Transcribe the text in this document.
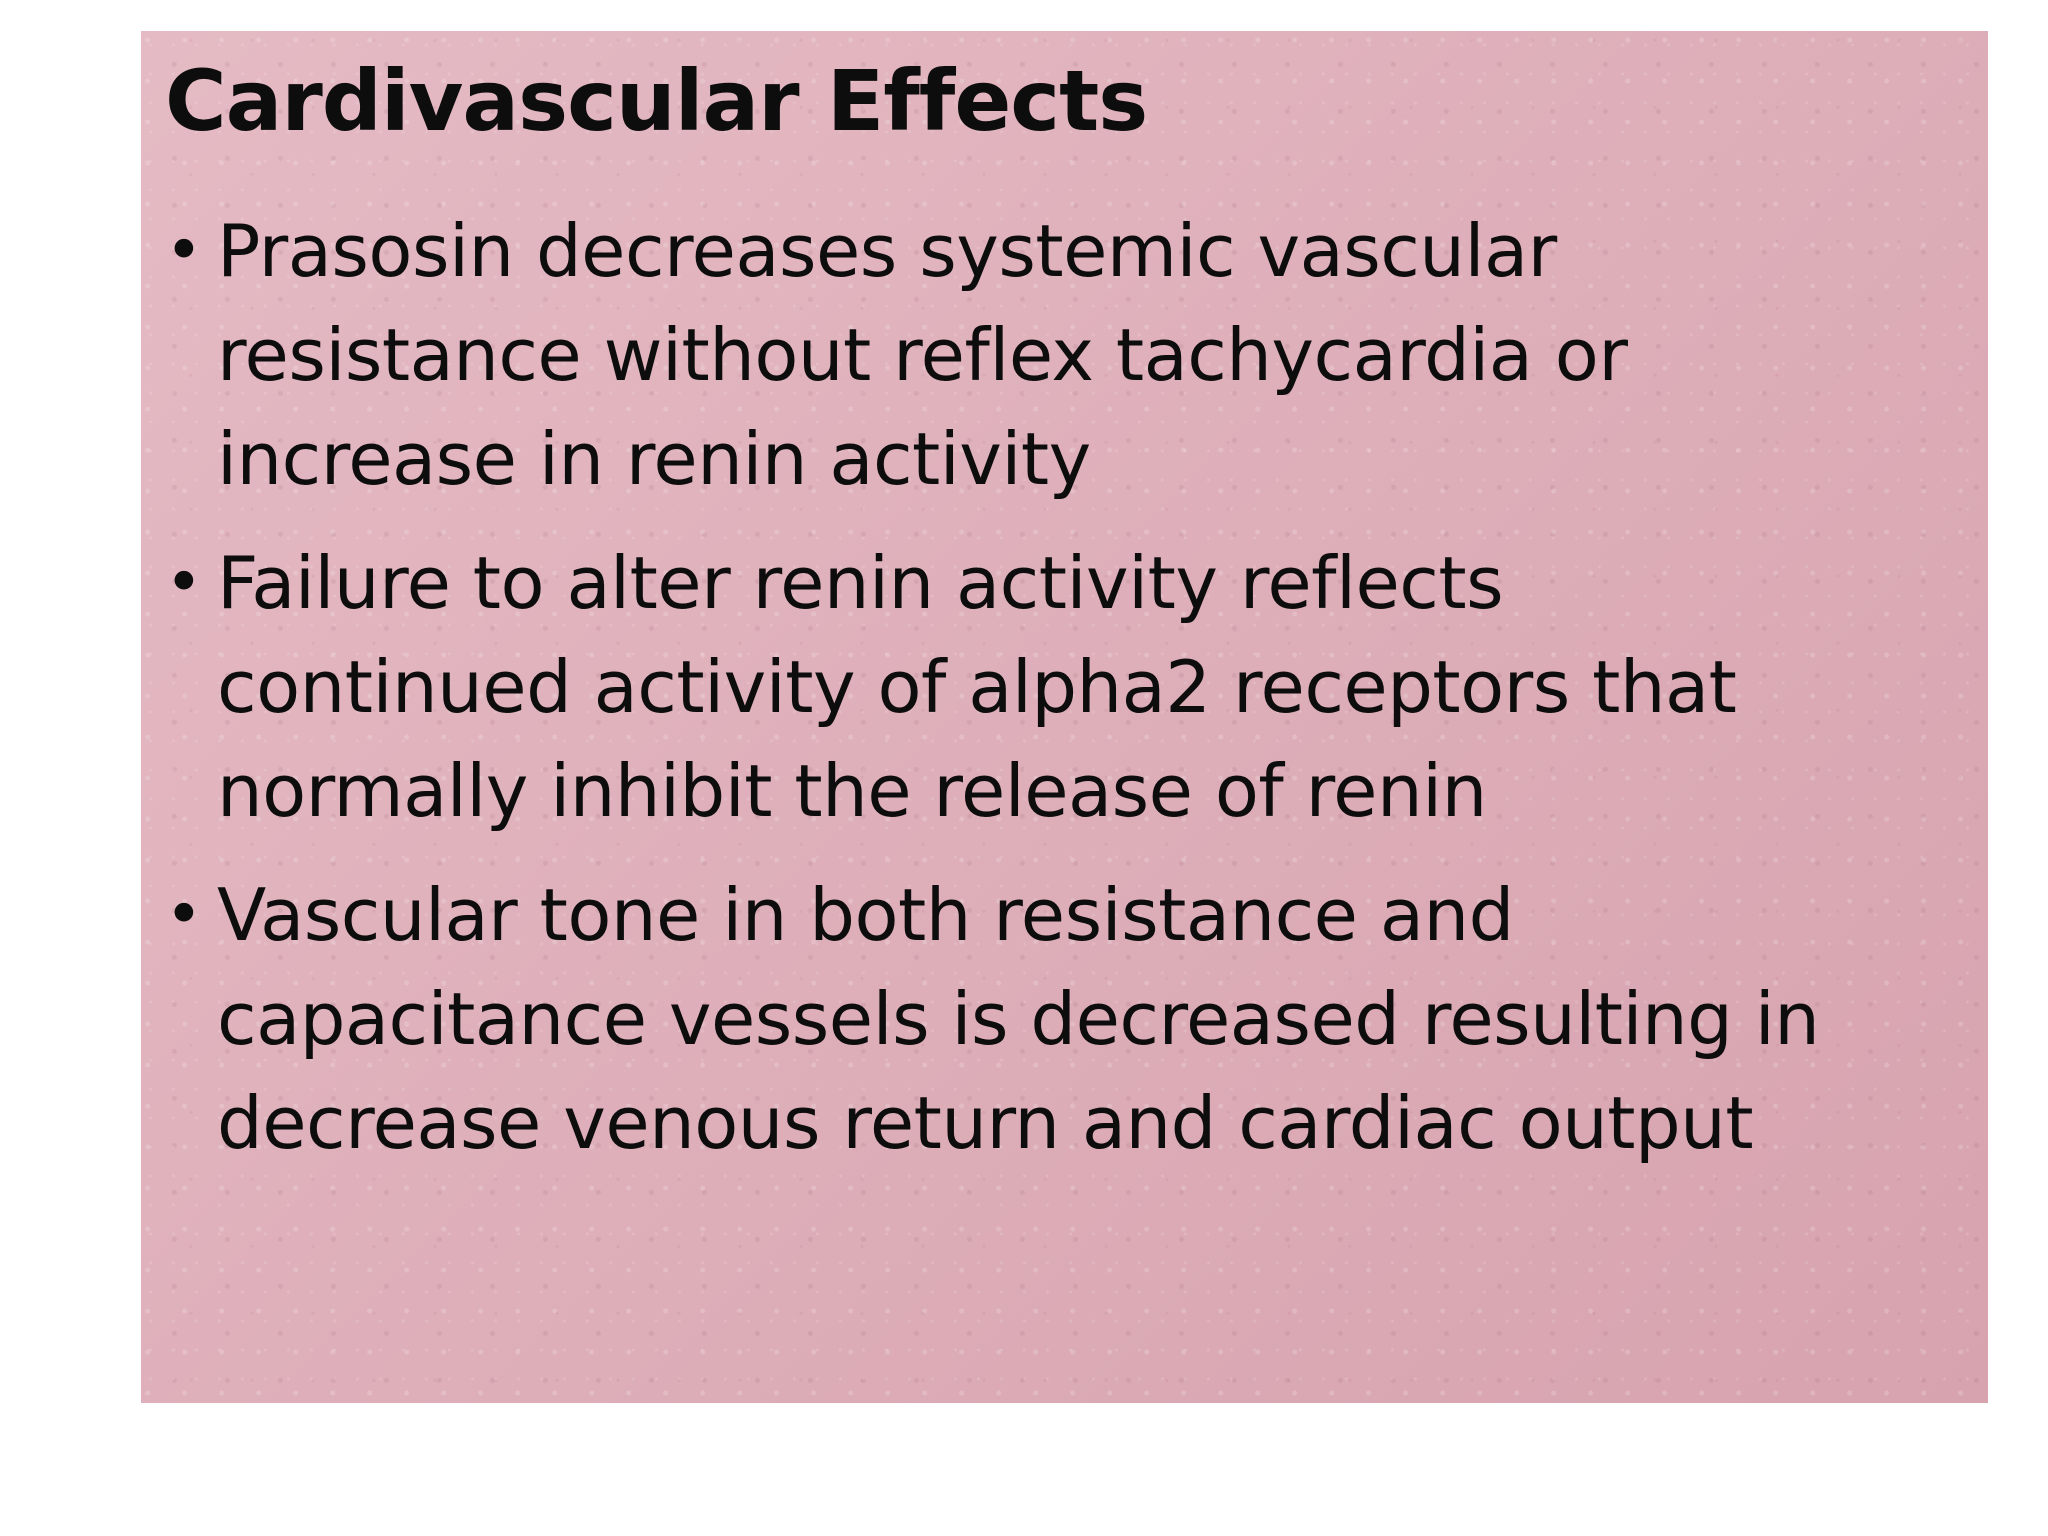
Cardivascular Effects
• Prasosin decreases systemic vascular
resistance without reflex tachycardia or
increase in renin activity
• Failure to alter renin activity reflects
continued activity of alpha2 receptors that
normally inhibit the release of renin
• Vascular tone in both resistance and
capacitance vessels is decreased resulting in
decrease venous return and cardiac output
